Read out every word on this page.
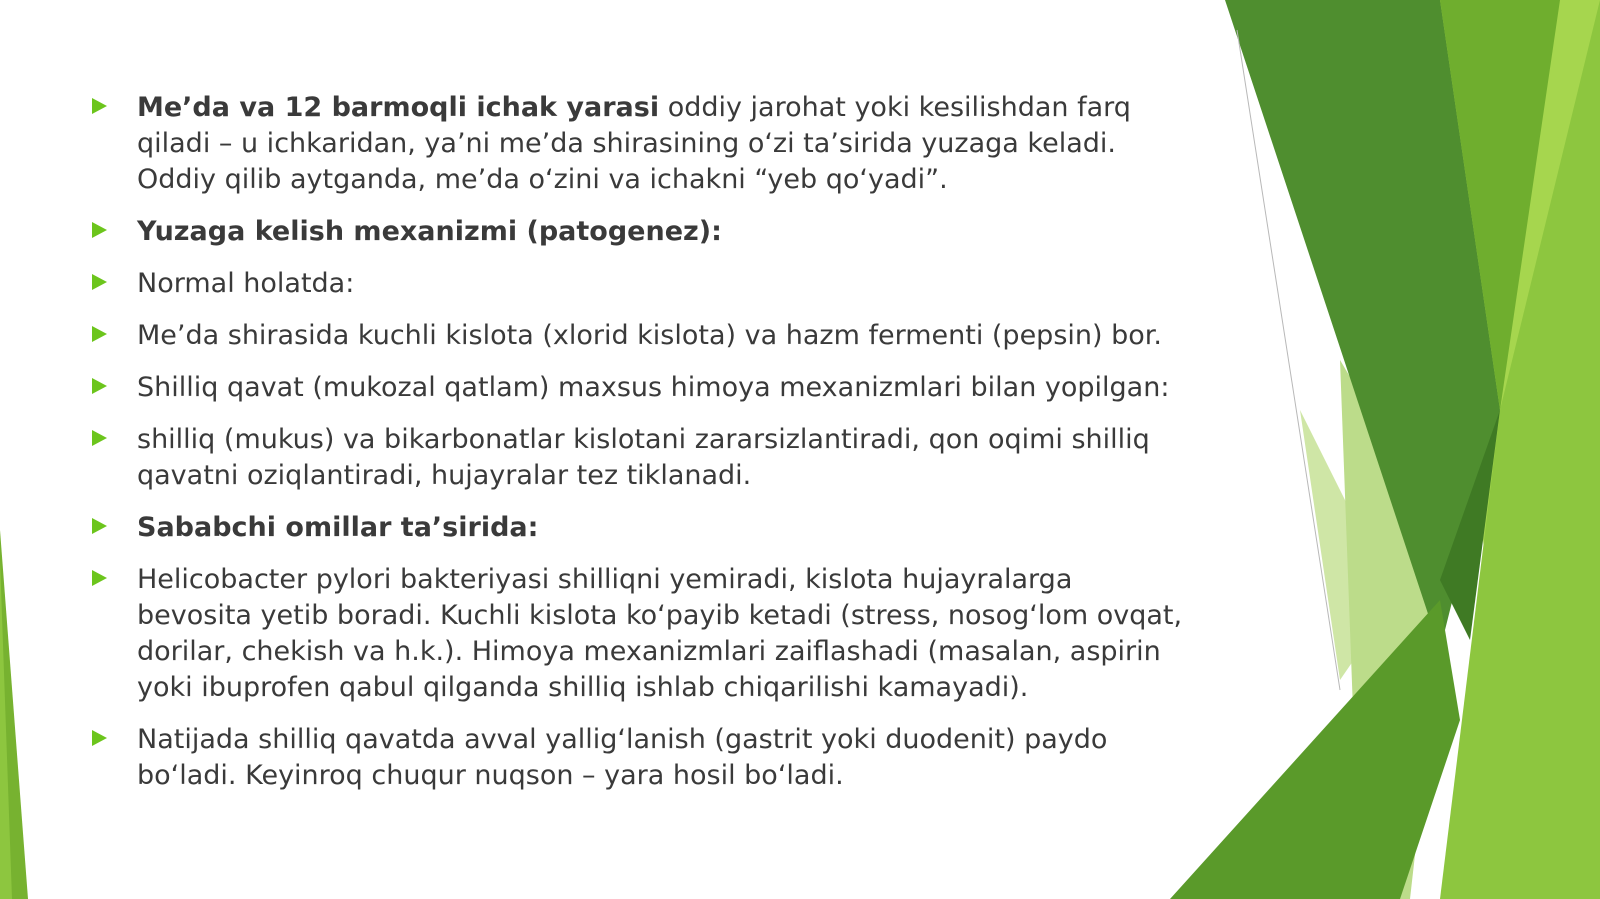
Me’da va 12 barmoqli ichak yarasi oddiy jarohat yoki kesilishdan farq qiladi – u ichkaridan, ya’ni me’da shirasining o‘zi ta’sirida yuzaga keladi. Oddiy qilib aytganda, me’da o‘zini va ichakni “yeb qo‘yadi”.
Yuzaga kelish mexanizmi (patogenez):
Normal holatda:
Me’da shirasida kuchli kislota (xlorid kislota) va hazm fermenti (pepsin) bor.
Shilliq qavat (mukozal qatlam) maxsus himoya mexanizmlari bilan yopilgan:
shilliq (mukus) va bikarbonatlar kislotani zararsizlantiradi, qon oqimi shilliq qavatni oziqlantiradi, hujayralar tez tiklanadi.
Sababchi omillar ta’sirida:
Helicobacter pylori bakteriyasi shilliqni yemiradi, kislota hujayralarga bevosita yetib boradi. Kuchli kislota ko‘payib ketadi (stress, nosog‘lom ovqat, dorilar, chekish va h.k.). Himoya mexanizmlari zaiflashadi (masalan, aspirin yoki ibuprofen qabul qilganda shilliq ishlab chiqarilishi kamayadi).
Natijada shilliq qavatda avval yallig‘lanish (gastrit yoki duodenit) paydo bo‘ladi. Keyinroq chuqur nuqson – yara hosil bo‘ladi.
